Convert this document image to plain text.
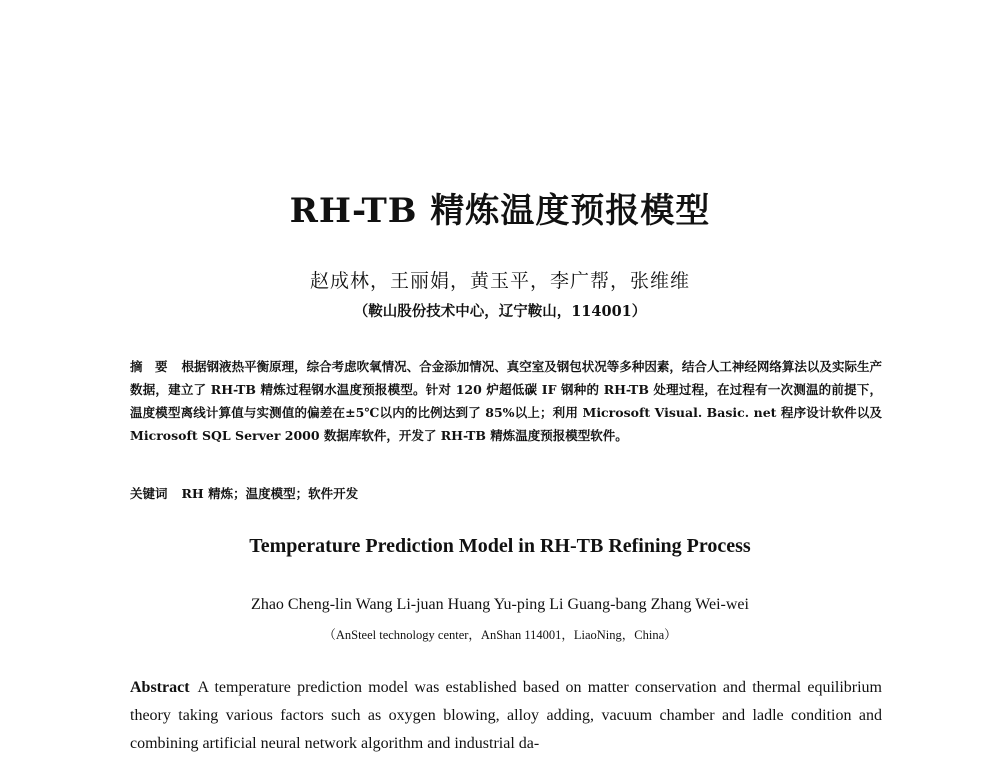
RH-TB 精炼温度预报模型
赵成林，王丽娟，黄玉平，李广帮，张维维
（鞍山股份技术中心，辽宁鞍山，114001）
摘　要 根据钢液热平衡原理，综合考虑吹氧情况、合金添加情况、真空室及钢包状况等多种因素，结合人工神经网络算法以及实际生产数据，建立了 RH-TB 精炼过程钢水温度预报模型。针对 120 炉超低碳 IF 钢种的 RH-TB 处理过程，在过程有一次测温的前提下，温度模型离线计算值与实测值的偏差在±5℃以内的比例达到了 85%以上；利用 Microsoft Visual. Basic. net 程序设计软件以及 Microsoft SQL Server 2000 数据库软件，开发了 RH-TB 精炼温度预报模型软件。
关键词 RH 精炼；温度模型；软件开发
Temperature Prediction Model in RH-TB Refining Process
Zhao Cheng-lin Wang Li-juan Huang Yu-ping Li Guang-bang Zhang Wei-wei
（AnSteel technology center，AnShan 114001，LiaoNing，China）
Abstract A temperature prediction model was established based on matter conservation and thermal equilibrium theory taking various factors such as oxygen blowing, alloy adding, vacuum chamber and ladle condition and combining artificial neural network algorithm and industrial da-
